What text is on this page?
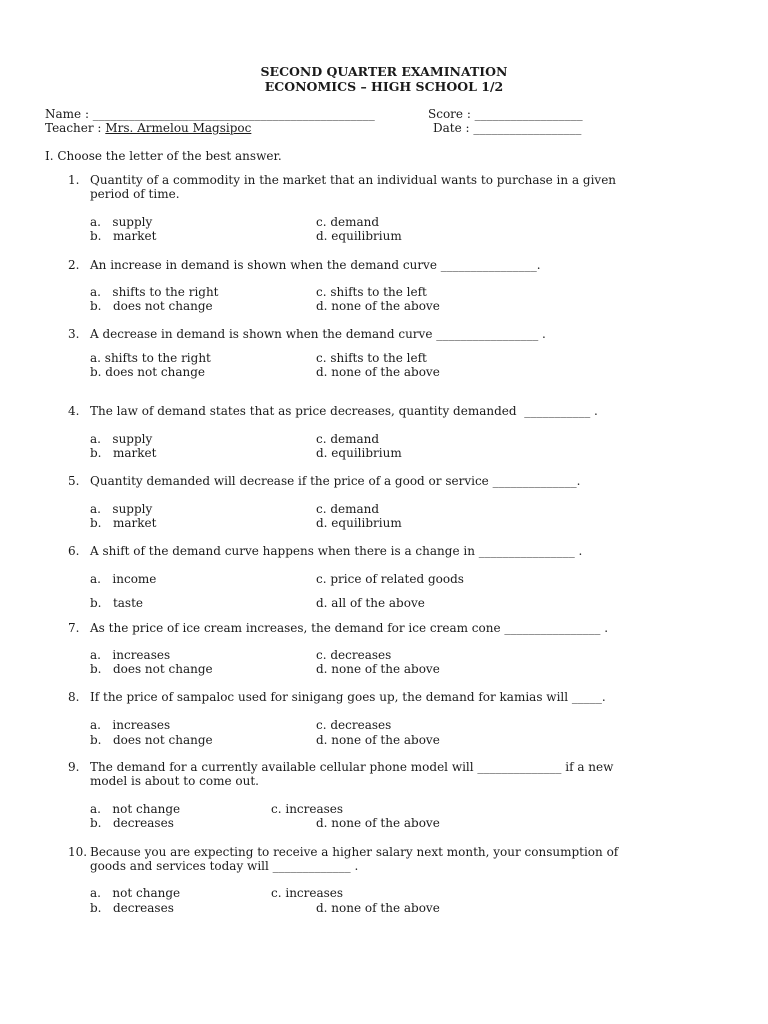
SECOND QUARTER EXAMINATION
ECONOMICS – HIGH SCHOOL 1/2
Name : _______________________________________________	Score : __________________
Teacher : Mrs. Armelou Magsipoc	Date : __________________
I. Choose the letter of the best answer.
1. Quantity of a commodity in the market that an individual wants to purchase in a given
period of time.
a.   supply
b.   market
c. demand
d. equilibrium
2. An increase in demand is shown when the demand curve ________________.
a.   shifts to the right
b.   does not change
c. shifts to the left
d. none of the above
3. A decrease in demand is shown when the demand curve _________________ .
a. shifts to the right
b. does not change
c. shifts to the left
d. none of the above
4. The law of demand states that as price decreases, quantity demanded  ___________ .
a.   supply
b.   market
c. demand
d. equilibrium
5. Quantity demanded will decrease if the price of a good or service ______________.
a.   supply
b.   market
c. demand
d. equilibrium
6. A shift of the demand curve happens when there is a change in ________________ .
a.   income
b.   taste
c. price of related goods
d. all of the above
7. As the price of ice cream increases, the demand for ice cream cone ________________ .
a.   increases
b.   does not change
c. decreases
d. none of the above
8. If the price of sampaloc used for sinigang goes up, the demand for kamias will _____.
a.   increases
b.   does not change
c. decreases
d. none of the above
9. The demand for a currently available cellular phone model will ______________ if a new
model is about to come out.
a.   not change
b.   decreases
c. increases
d. none of the above
10. Because you are expecting to receive a higher salary next month, your consumption of
goods and services today will _____________ .
a.   not change
b.   decreases
c. increases
d. none of the above
